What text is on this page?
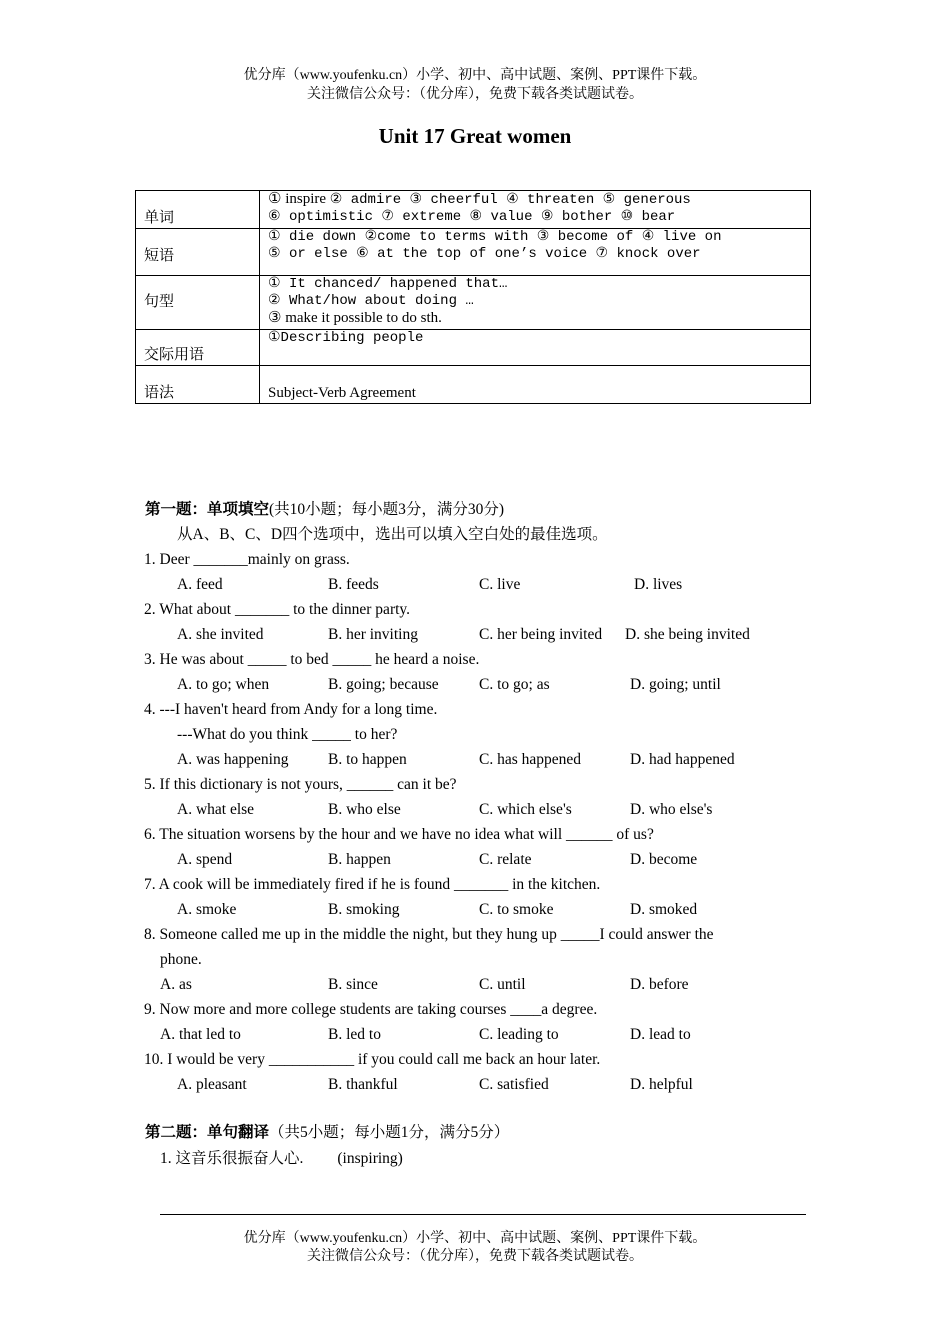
优分库（www.youfenku.cn）小学、初中、高中试题、案例、PPT课件下载。
关注微信公众号：（优分库），免费下载各类试题试卷。
Unit 17 Great women
单词	① inspire ② admire ③ cheerful ④ threaten ⑤ generous
⑥ optimistic ⑦ extreme ⑧ value ⑨ bother ⑩ bear

短语	① die down ②come to terms with ③ become of ④ live on
⑤ or else ⑥ at the top of one’s voice ⑦ knock over

句型	① It chanced/ happened that…
② What/how about doing …
③ make it possible to do sth.

交际用语	①Describing people

语法	Subject-Verb Agreement
第一题：单项填空(共10小题；每小题3分，满分30分)
从A、B、C、D四个选项中，选出可以填入空白处的最佳选项。
1. Deer _______mainly on grass.
A. feed	B. feeds	C. live	D. lives
2. What about _______ to the dinner party.
A. she invited	B. her inviting	C. her being invited D. she being invited
3. He was about _____ to bed _____ he heard a noise.
A. to go; when	B. going; because	C. to go; as	D. going; until
4. ---I haven't heard from Andy for a long time.
---What do you think _____ to her?
A. was happening	B. to happen	C. has happened	D. had happened
5. If this dictionary is not yours, ______ can it be?
A. what else	B. who else	C. which else's	D. who else's
6. The situation worsens by the hour and we have no idea what will ______ of us?
A. spend	B. happen	C. relate	D. become
7. A cook will be immediately fired if he is found _______ in the kitchen.
A. smoke	B. smoking	C. to smoke	D. smoked
8. Someone called me up in the middle the night, but they hung up _____I could answer the
phone.
A. as	B. since	C. until	D. before
9. Now more and more college students are taking courses ____a degree.
A. that led to	B. led to	C. leading to	D. lead to
10. I would be very ___________ if you could call me back an hour later.
A. pleasant	B. thankful	C. satisfied	D. helpful
第二题：单句翻译（共5小题；每小题1分，满分5分）
1. 这音乐很振奋人心. (inspiring)
优分库（www.youfenku.cn）小学、初中、高中试题、案例、PPT课件下载。
关注微信公众号：（优分库），免费下载各类试题试卷。
